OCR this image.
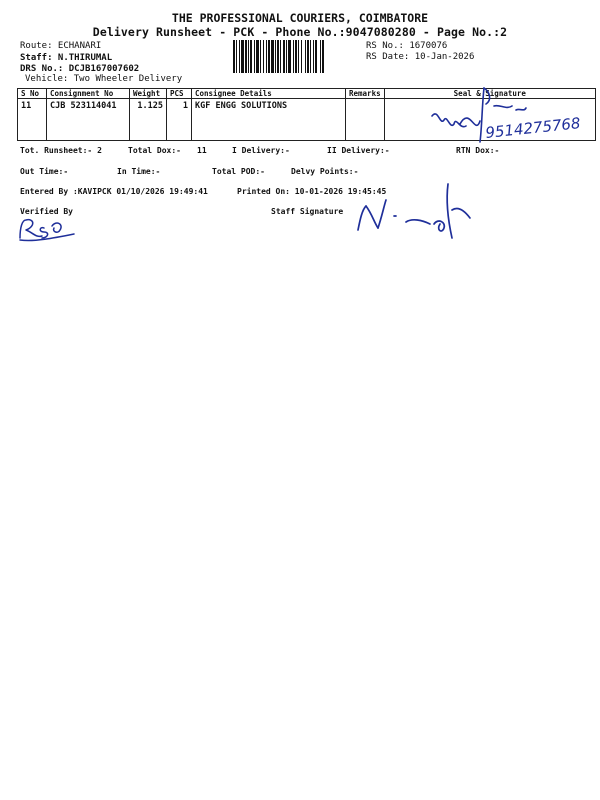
THE PROFESSIONAL COURIERS, COIMBATORE
Delivery Runsheet - PCK - Phone No.:9047080280 - Page No.:2
Route: ECHANARI
Staff: N.THIRUMAL
DRS No.: DCJB167007602
Vehicle: Two Wheeler Delivery
RS No.: 1670076
RS Date: 10-Jan-2026
S No	Consignment No	Weight	PCS	Consignee Details	Remarks	Seal & Signature
11	CJB 523114041	1.125	1	KGF ENGG SOLUTIONS		
Tot. Runsheet:- 2	Total Dox:- 11	I Delivery:-	II Delivery:-	RTN Dox:-
Out Time:-	In Time:-	Total POD:-	Delvy Points:-
Entered By :KAVIPCK 01/10/2026 19:49:41	Printed On: 10-01-2026 19:45:45
Verified By	Staff Signature
9514275768
